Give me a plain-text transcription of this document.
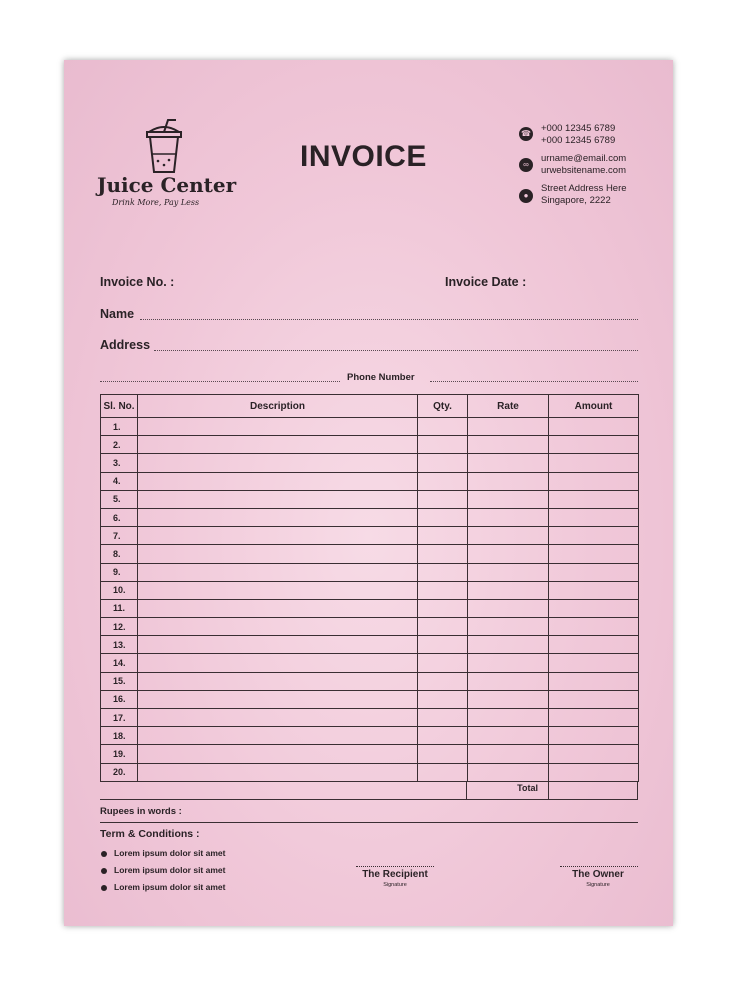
Juice Center
Drink More, Pay Less
INVOICE
☎ +000 12345 6789
+000 12345 6789
∞
urname@email.com
urwebsitename.com
●
Street Address Here
Singapore, 2222
Invoice No. :	Invoice Date :
Name
Address
Phone Number
Sl. No.	Description	Qty.	Rate	Amount
1.				
2.				
3.				
4.				
5.				
6.				
7.				
8.				
9.				
10.				
11.				
12.				
13.				
14.				
15.				
16.				
17.				
18.				
19.				
20.				
Total
Rupees in words :
Term & Conditions :
Lorem ipsum dolor sit amet
Lorem ipsum dolor sit amet
Lorem ipsum dolor sit amet
The Recipient
Signature
The Owner
Signature
